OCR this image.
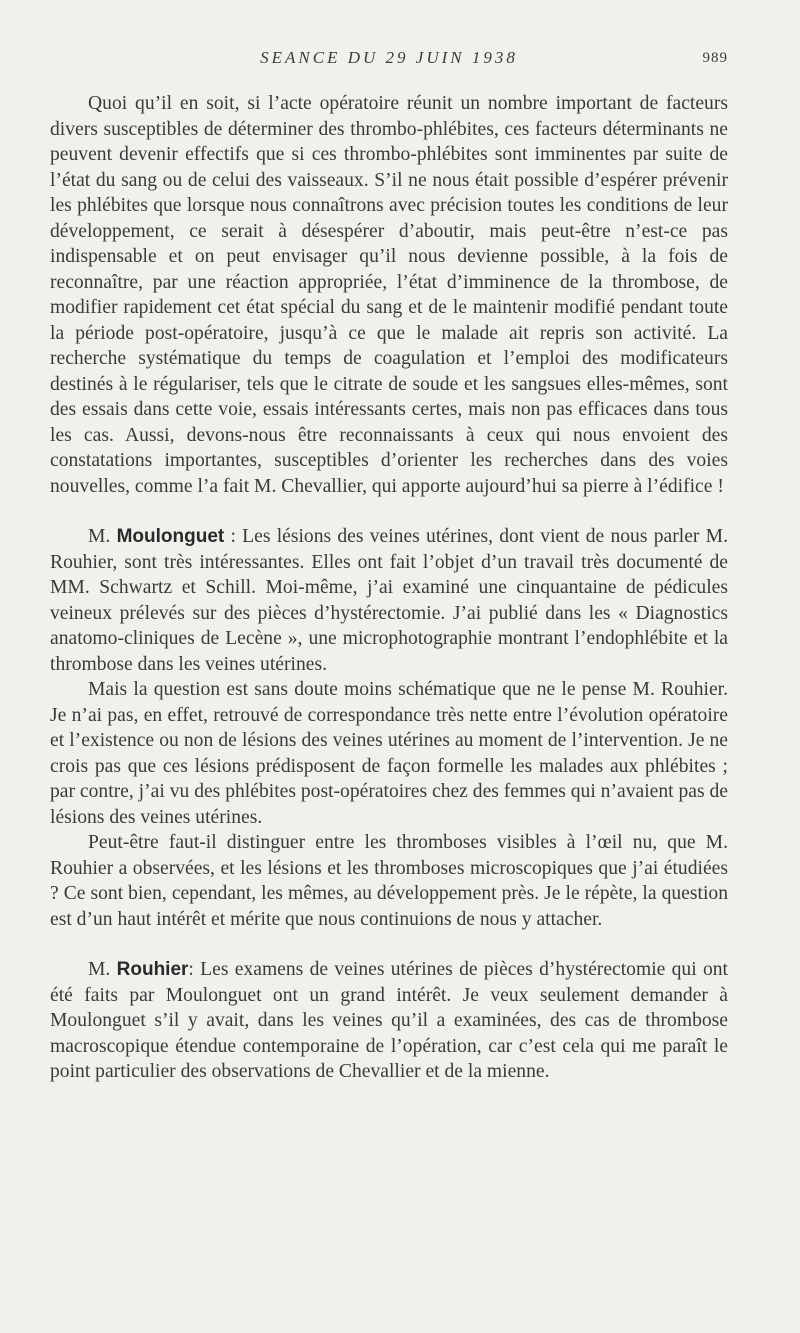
SEANCE DU 29 JUIN 1938	989

Quoi qu’il en soit, si l’acte opératoire réunit un nombre important de facteurs divers susceptibles de déterminer des thrombo-phlébites, ces facteurs déterminants ne peuvent devenir effectifs que si ces thrombo-phlébites sont imminentes par suite de l’état du sang ou de celui des vaisseaux. S’il ne nous était possible d’espérer prévenir les phlébites que lorsque nous connaîtrons avec précision toutes les conditions de leur développement, ce serait à désespérer d’aboutir, mais peut-être n’est-ce pas indispensable et on peut envisager qu’il nous devienne possible, à la fois de reconnaître, par une réaction appropriée, l’état d’imminence de la thrombose, de modifier rapidement cet état spécial du sang et de le maintenir modifié pendant toute la période post-opératoire, jusqu’à ce que le malade ait repris son activité. La recherche systématique du temps de coagulation et l’emploi des modificateurs destinés à le régulariser, tels que le citrate de soude et les sangsues elles-mêmes, sont des essais dans cette voie, essais intéressants certes, mais non pas efficaces dans tous les cas. Aussi, devons-nous être reconnaissants à ceux qui nous envoient des constatations importantes, susceptibles d’orienter les recherches dans des voies nouvelles, comme l’a fait M. Chevallier, qui apporte aujourd’hui sa pierre à l’édifice !

M. Moulonguet : Les lésions des veines utérines, dont vient de nous parler M. Rouhier, sont très intéressantes. Elles ont fait l’objet d’un travail très documenté de MM. Schwartz et Schill. Moi-même, j’ai examiné une cinquantaine de pédicules veineux prélevés sur des pièces d’hystérectomie. J’ai publié dans les « Diagnostics anatomo-cliniques de Lecène », une microphotographie montrant l’endophlébite et la thrombose dans les veines utérines.

Mais la question est sans doute moins schématique que ne le pense M. Rouhier. Je n’ai pas, en effet, retrouvé de correspondance très nette entre l’évolution opératoire et l’existence ou non de lésions des veines utérines au moment de l’intervention. Je ne crois pas que ces lésions prédisposent de façon formelle les malades aux phlébites ; par contre, j’ai vu des phlébites post-opératoires chez des femmes qui n’avaient pas de lésions des veines utérines.

Peut-être faut-il distinguer entre les thromboses visibles à l’œil nu, que M. Rouhier a observées, et les lésions et les thromboses microscopiques que j’ai étudiées ? Ce sont bien, cependant, les mêmes, au développement près. Je le répète, la question est d’un haut intérêt et mérite que nous continuions de nous y attacher.

M. Rouhier: Les examens de veines utérines de pièces d’hystérectomie qui ont été faits par Moulonguet ont un grand intérêt. Je veux seulement demander à Moulonguet s’il y avait, dans les veines qu’il a examinées, des cas de thrombose macroscopique étendue contemporaine de l’opération, car c’est cela qui me paraît le point particulier des observations de Chevallier et de la mienne.
